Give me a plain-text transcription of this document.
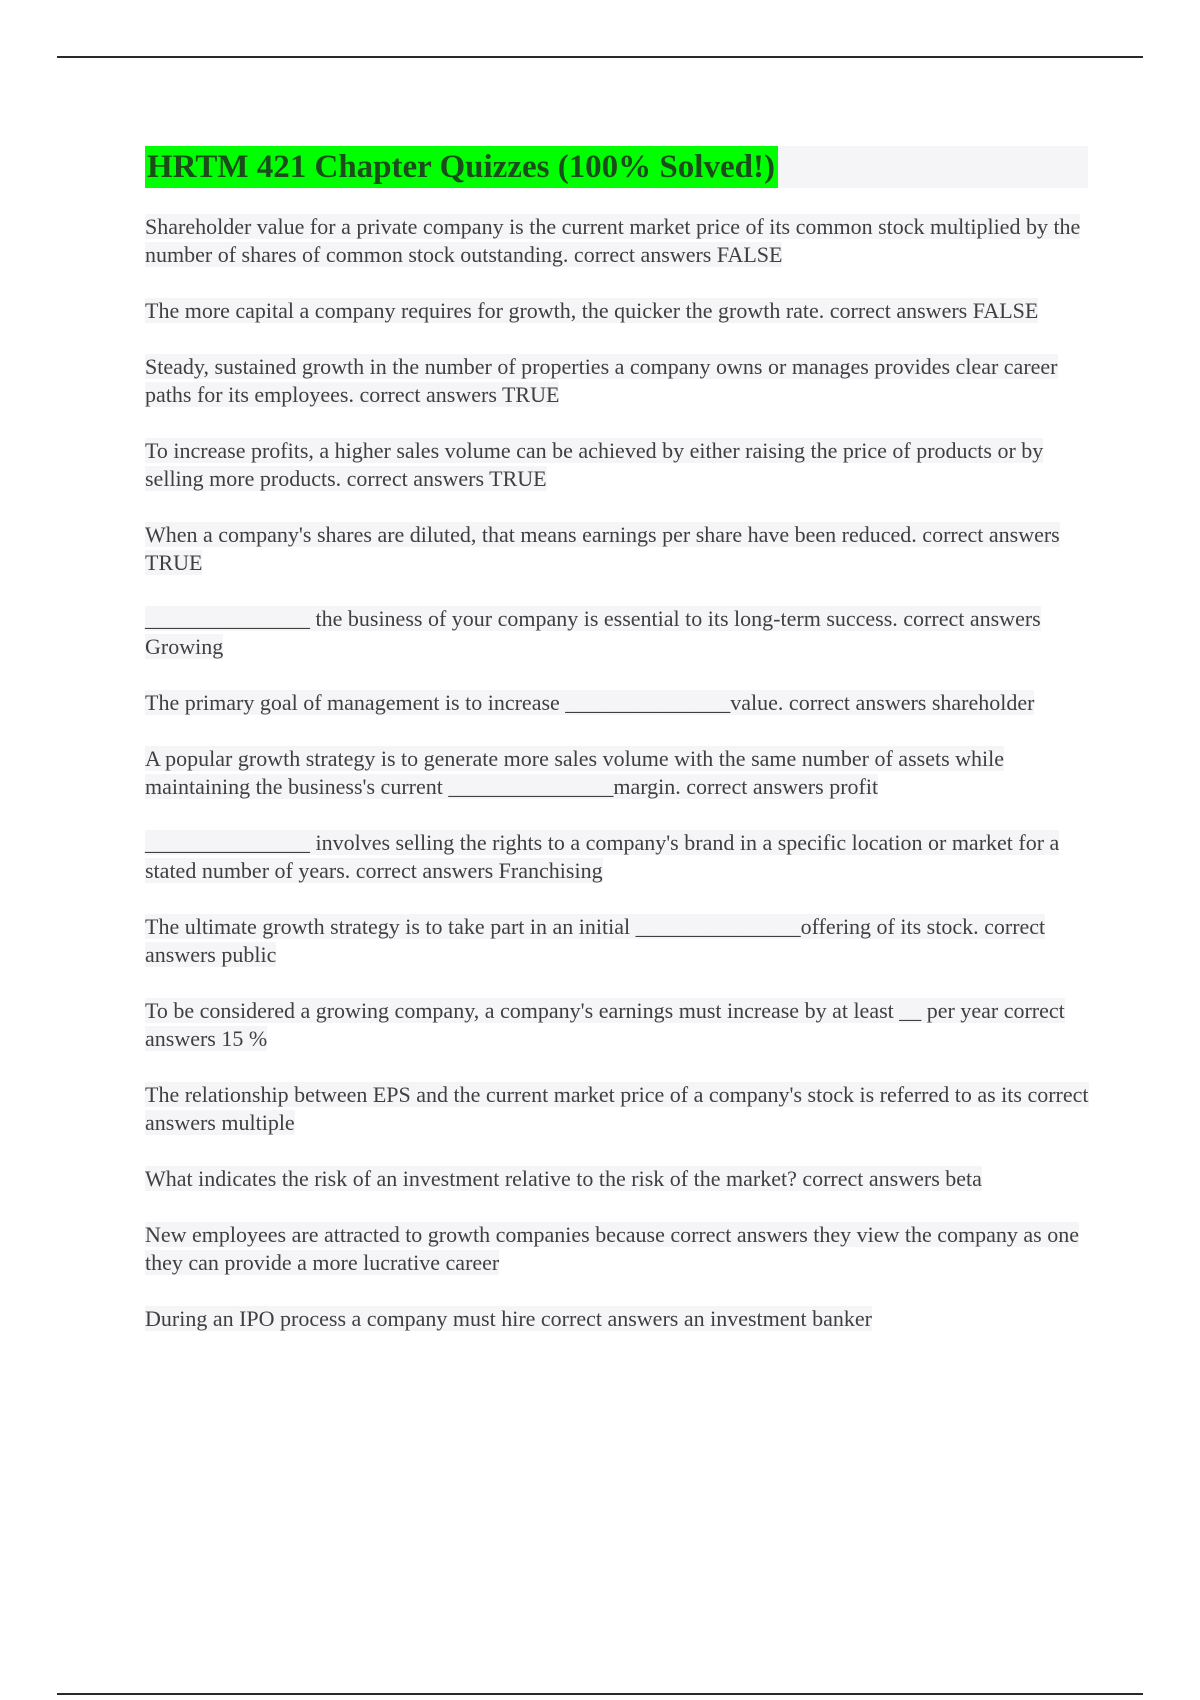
HRTM 421 Chapter Quizzes (100% Solved!)
Shareholder value for a private company is the current market price of its common stock multiplied by the number of shares of common stock outstanding. correct answers FALSE
The more capital a company requires for growth, the quicker the growth rate. correct answers FALSE
Steady, sustained growth in the number of properties a company owns or manages provides clear career paths for its employees. correct answers TRUE
To increase profits, a higher sales volume can be achieved by either raising the price of products or by selling more products. correct answers TRUE
When a company's shares are diluted, that means earnings per share have been reduced. correct answers TRUE
_______________ the business of your company is essential to its long-term success. correct answers Growing
The primary goal of management is to increase _______________value. correct answers shareholder
A popular growth strategy is to generate more sales volume with the same number of assets while maintaining the business's current _______________margin. correct answers profit
_______________ involves selling the rights to a company's brand in a specific location or market for a stated number of years. correct answers Franchising
The ultimate growth strategy is to take part in an initial _______________offering of its stock. correct answers public
To be considered a growing company, a company's earnings must increase by at least __ per year correct answers 15 %
The relationship between EPS and the current market price of a company's stock is referred to as its correct answers multiple
What indicates the risk of an investment relative to the risk of the market? correct answers beta
New employees are attracted to growth companies because correct answers they view the company as one they can provide a more lucrative career
During an IPO process a company must hire correct answers an investment banker
